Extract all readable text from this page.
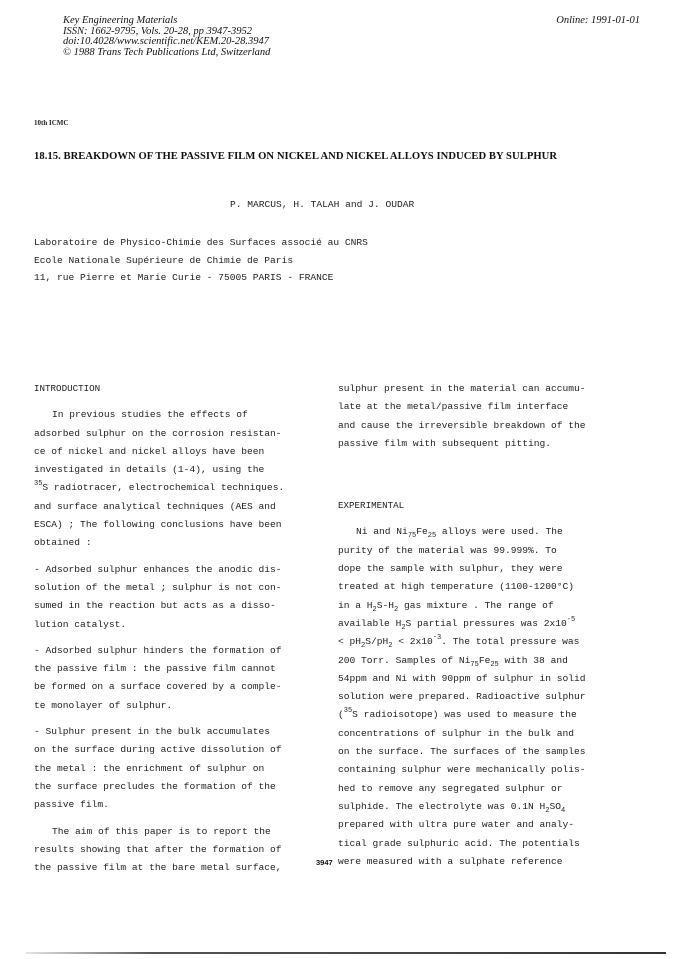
Key Engineering Materials
ISSN: 1662-9795, Vols. 20-28, pp 3947-3952
doi:10.4028/www.scientific.net/KEM.20-28.3947
© 1988 Trans Tech Publications Ltd, Switzerland
Online: 1991-01-01
10th ICMC
18.15. BREAKDOWN OF THE PASSIVE FILM ON NICKEL AND NICKEL ALLOYS INDUCED BY SULPHUR
P. MARCUS, H. TALAH and J. OUDAR
Laboratoire de Physico-Chimie des Surfaces associé au CNRS
Ecole Nationale Supérieure de Chimie de Paris
11, rue Pierre et Marie Curie - 75005 PARIS - FRANCE
INTRODUCTION
In previous studies the effects of
adsorbed sulphur on the corrosion resistan-
ce of nickel and nickel alloys have been
investigated in details (1-4), using the
$^{35}$S radiotracer, electrochemical techniques.
and surface analytical techniques (AES and
ESCA) ; The following conclusions have been
obtained :
- Adsorbed sulphur enhances the anodic dis-
solution of the metal ; sulphur is not con-
sumed in the reaction but acts as a disso-
lution catalyst.
- Adsorbed sulphur hinders the formation of
the passive film : the passive film cannot
be formed on a surface covered by a comple-
te monolayer of sulphur.
- Sulphur present in the bulk accumulates
on the surface during active dissolution of
the metal : the enrichment of sulphur on
the surface precludes the formation of the
passive film.
The aim of this paper is to report the
results showing that after the formation of
the passive film at the bare metal surface,
sulphur present in the material can accumu-
late at the metal/passive film interface
and cause the irreversible breakdown of the
passive film with subsequent pitting.
EXPERIMENTAL
Ni and $Ni_{75}Fe_{25}$ alloys were used. The
purity of the material was 99.999%. To
dope the sample with sulphur, they were
treated at high temperature (1100-1200°C)
in a $H_2S-H_2$ gas mixture . The range of
available $H_2S$ partial pressures was $2x10^{-5}$
< $pH_2S/pH_2 < 2x10^{-3}$. The total pressure was
200 Torr. Samples of $Ni_{75}Fe_{25}$ with 38 and
54ppm and Ni with 90ppm of sulphur in solid
solution were prepared. Radioactive sulphur
($^{35}$S radioisotope) was used to measure the
concentrations of sulphur in the bulk and
on the surface. The surfaces of the samples
containing sulphur were mechanically polis-
hed to remove any segregated sulphur or
sulphide. The electrolyte was 0.1N $H_2SO_4$
prepared with ultra pure water and analy-
tical grade sulphuric acid. The potentials
were measured with a sulphate reference
3947
